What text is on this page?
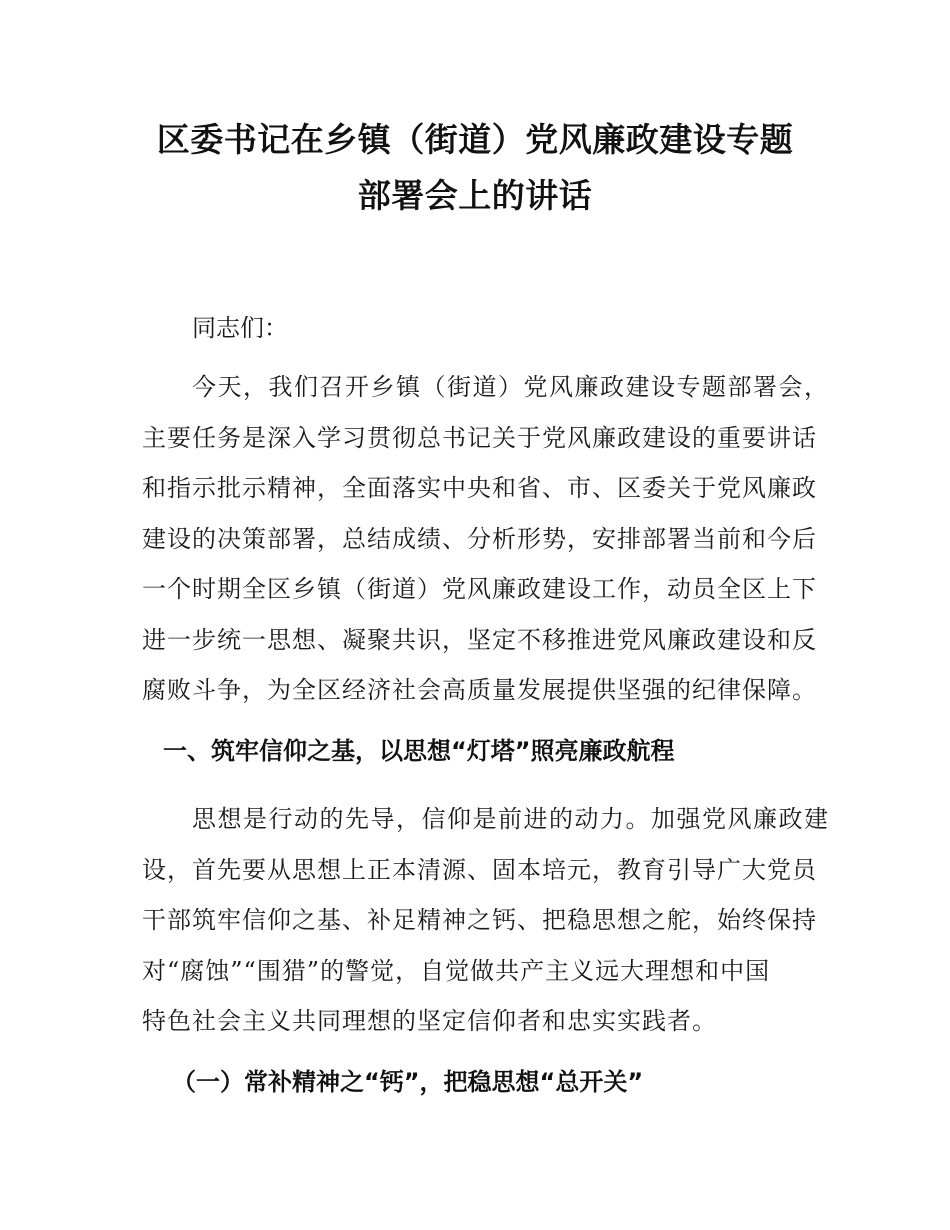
区委书记在乡镇（街道）党风廉政建设专题
部署会上的讲话

同志们：

今天，我们召开乡镇（街道）党风廉政建设专题部署会，
主要任务是深入学习贯彻总书记关于党风廉政建设的重要讲话
和指示批示精神，全面落实中央和省、市、区委关于党风廉政
建设的决策部署，总结成绩、分析形势，安排部署当前和今后
一个时期全区乡镇（街道）党风廉政建设工作，动员全区上下
进一步统一思想、凝聚共识，坚定不移推进党风廉政建设和反
腐败斗争，为全区经济社会高质量发展提供坚强的纪律保障。
一、筑牢信仰之基，以思想“灯塔”照亮廉政航程
思想是行动的先导，信仰是前进的动力。加强党风廉政建
设，首先要从思想上正本清源、固本培元，教育引导广大党员
干部筑牢信仰之基、补足精神之钙、把稳思想之舵，始终保持
对“腐蚀”“围猎”的警觉，自觉做共产主义远大理想和中国
特色社会主义共同理想的坚定信仰者和忠实实践者。
（一）常补精神之“钙”，把稳思想“总开关”
